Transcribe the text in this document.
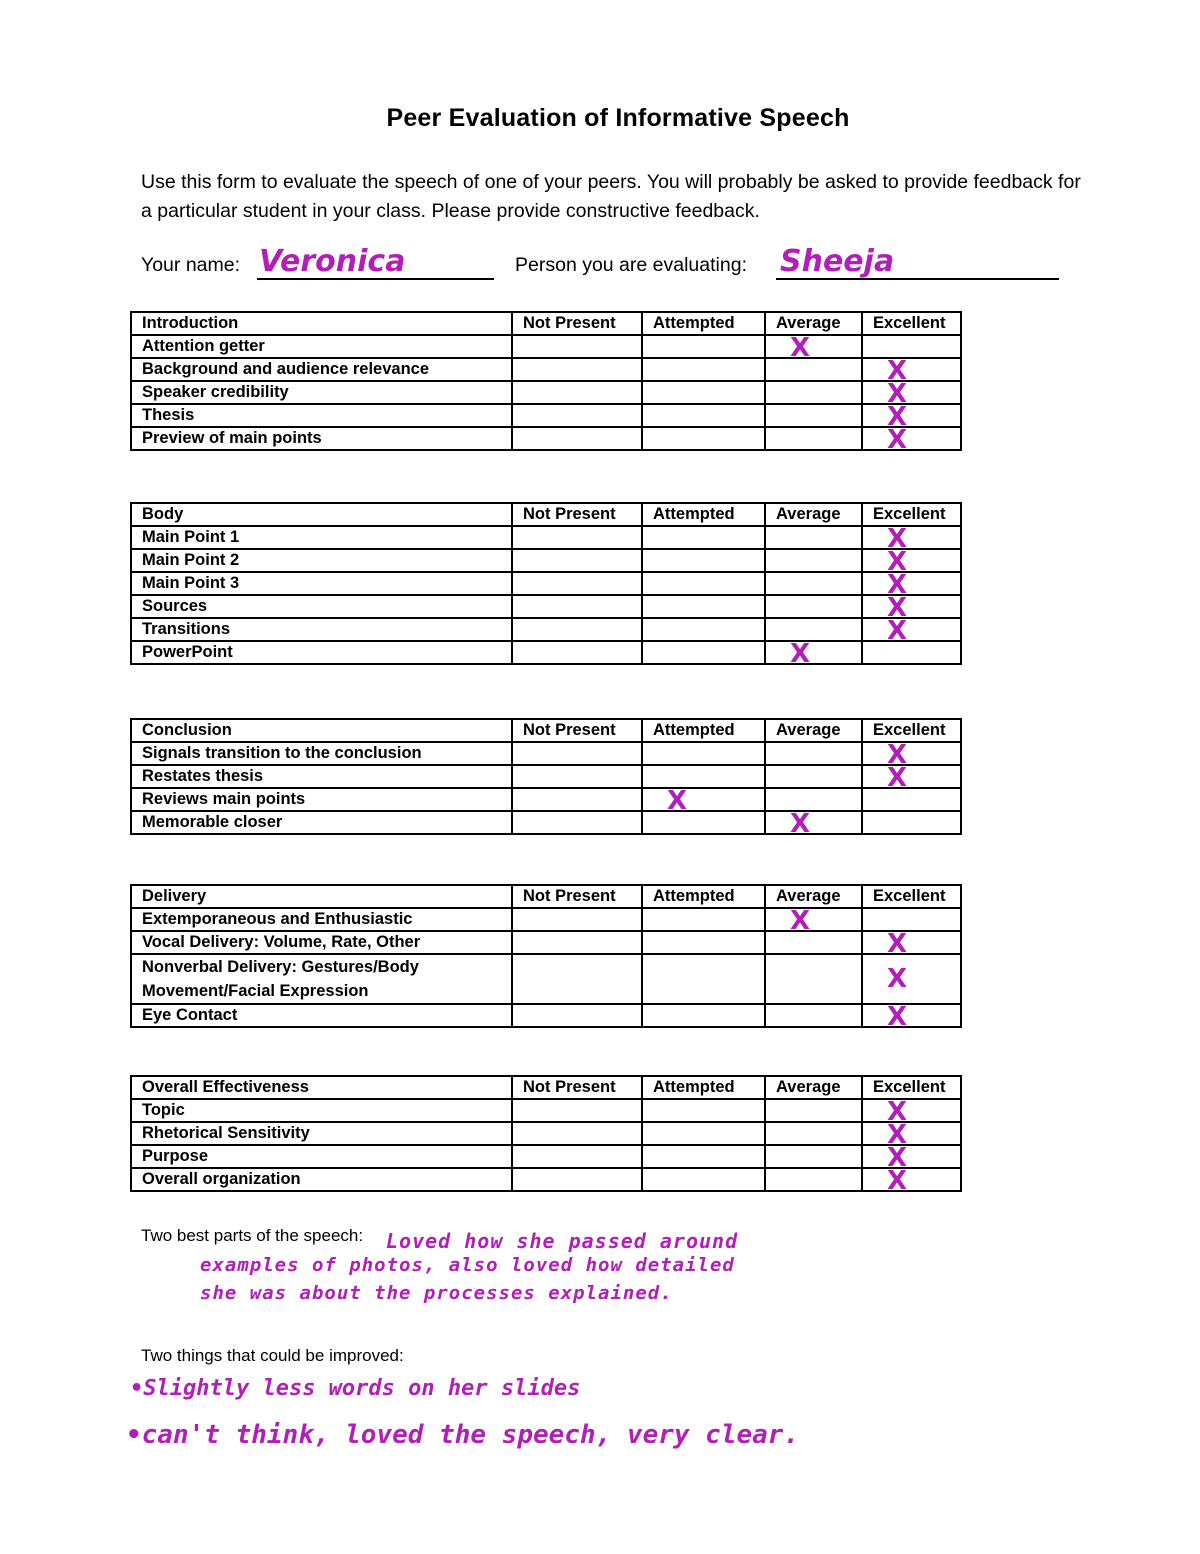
Peer Evaluation of Informative Speech
Use this form to evaluate the speech of one of your peers. You will probably be asked to provide feedback for a particular student in your class. Please provide constructive feedback.
Your name: Veronica	Person you are evaluating: Sheeja
Introduction	Not Present	Attempted	Average	Excellent
Attention getter			X	

Background and audience relevance				X

Speaker credibility				X

Thesis				X

Preview of main points				X
Body	Not Present	Attempted	Average	Excellent
Main Point 1				X

Main Point 2				X

Main Point 3				X

Sources				X

Transitions				X

PowerPoint			X	

Conclusion	Not Present	Attempted	Average	Excellent
Signals transition to the conclusion				X

Restates thesis				X

Reviews main points		X		

Memorable closer			X	

Delivery	Not Present	Attempted	Average	Excellent
Extemporaneous and Enthusiastic			X	

Vocal Delivery: Volume, Rate, Other				X

Nonverbal Delivery: Gestures/Body Movement/Facial Expression				X

Eye Contact				X
Overall Effectiveness	Not Present	Attempted	Average	Excellent
Topic				X

Rhetorical Sensitivity				X

Purpose				X

Overall organization				X
Two best parts of the speech: Loved how she passed around
examples of photos, also loved how detailed
she was about the processes explained.
Two things that could be improved:
•Slightly less words on her slides
•can't think, loved the speech, very clear.
